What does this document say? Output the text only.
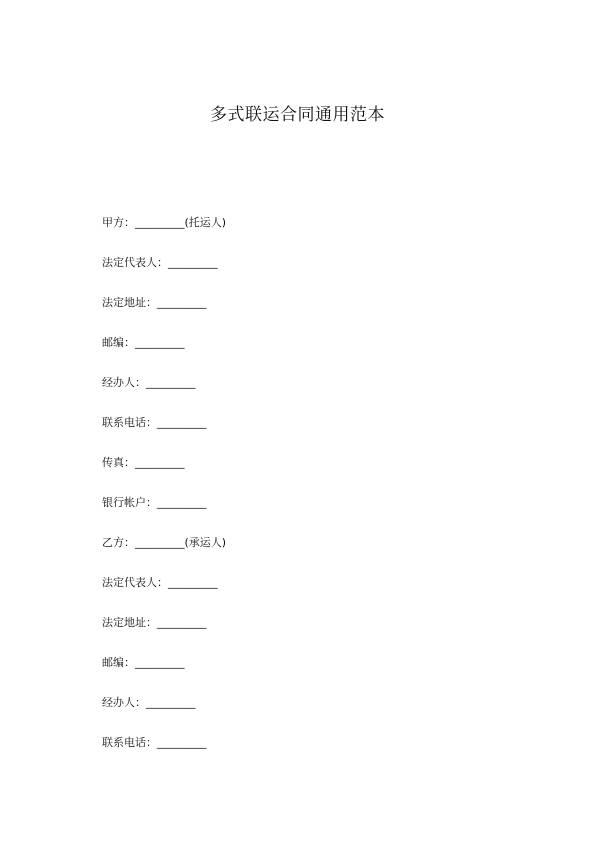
多式联运合同通用范本
甲方：_________(托运人)
法定代表人：_________
法定地址：_________
邮编：_________
经办人：_________
联系电话：_________
传真：_________
银行帐户：_________
乙方：_________(承运人)
法定代表人：_________
法定地址：_________
邮编：_________
经办人：_________
联系电话：_________
